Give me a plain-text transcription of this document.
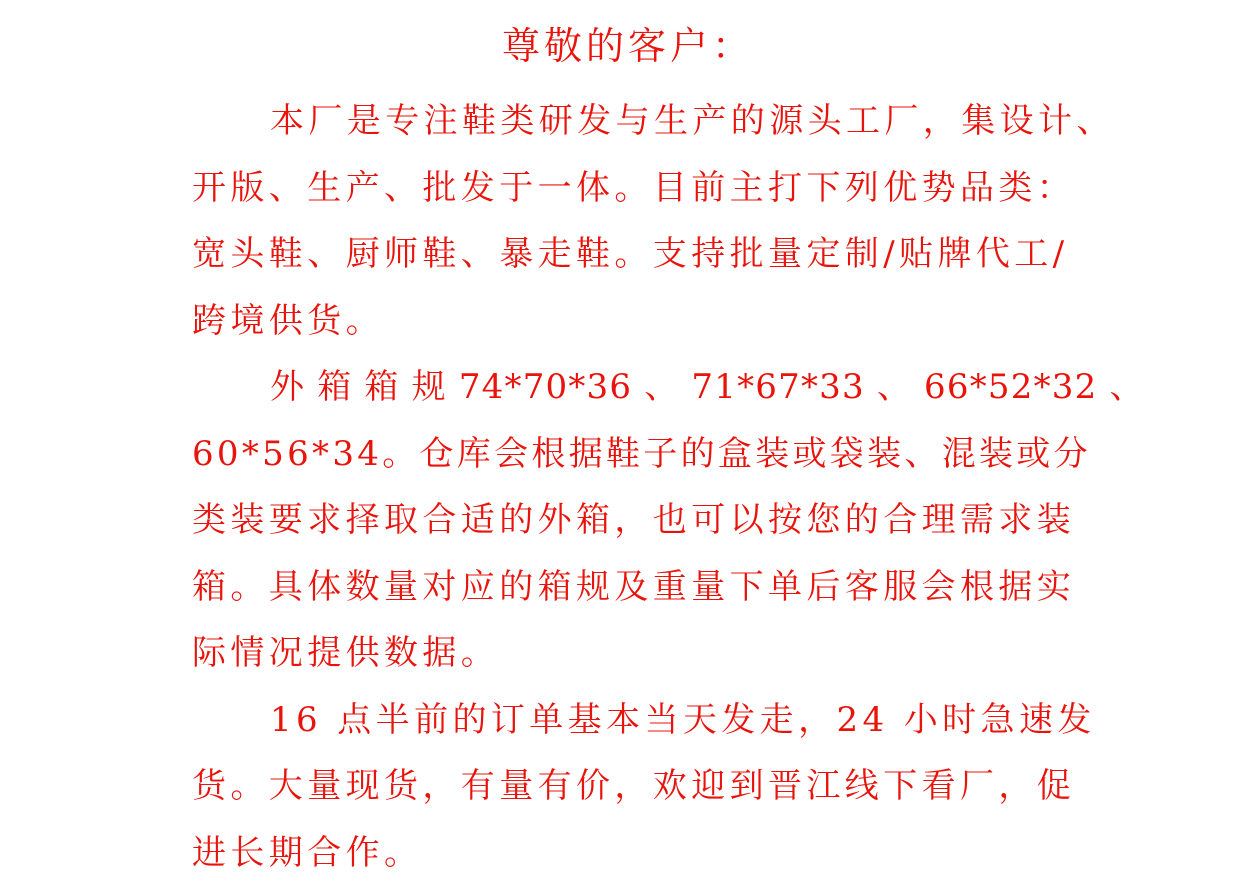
尊敬的客户：
本厂是专注鞋类研发与生产的源头工厂，集设计、
开版、生产、批发于一体。目前主打下列优势品类：
宽头鞋、厨师鞋、暴走鞋。支持批量定制/贴牌代工/
跨境供货。
外 箱 箱 规 74*70*36 、 71*67*33 、 66*52*32 、
60*56*34。仓库会根据鞋子的盒装或袋装、混装或分
类装要求择取合适的外箱，也可以按您的合理需求装
箱。具体数量对应的箱规及重量下单后客服会根据实
际情况提供数据。
16 点半前的订单基本当天发走，24 小时急速发
货。大量现货，有量有价，欢迎到晋江线下看厂，促
进长期合作。
